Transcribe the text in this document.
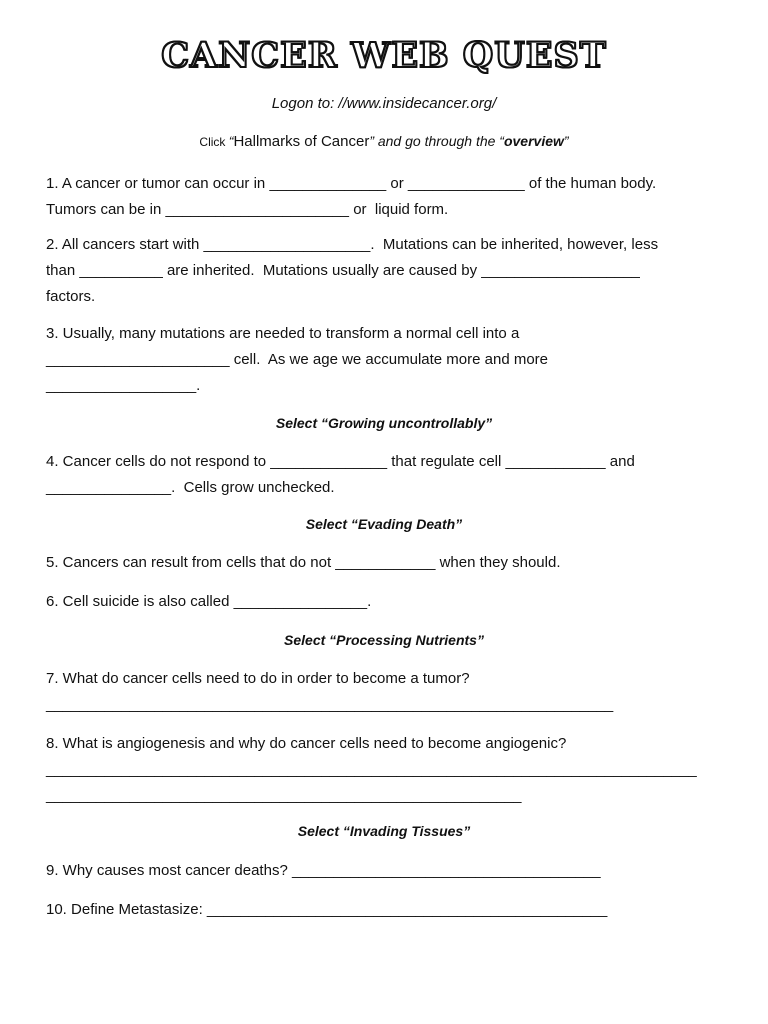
CANCER WEB QUEST
Logon to: //www.insidecancer.org/
Click “Hallmarks of Cancer” and go through the “overview”
1. A cancer or tumor can occur in ______________ or ______________ of the human body.
Tumors can be in ______________________ or  liquid form.
2. All cancers start with ____________________.  Mutations can be inherited, however, less
than __________ are inherited.  Mutations usually are caused by ___________________
factors.
3. Usually, many mutations are needed to transform a normal cell into a
______________________ cell.  As we age we accumulate more and more
__________________.
Select “Growing uncontrollably”
4. Cancer cells do not respond to ______________ that regulate cell ____________ and
_______________.  Cells grow unchecked.
Select “Evading Death”
5. Cancers can result from cells that do not ____________ when they should.
6. Cell suicide is also called ________________.
Select “Processing Nutrients”
7. What do cancer cells need to do in order to become a tumor?
____________________________________________________________________
8. What is angiogenesis and why do cancer cells need to become angiogenic?
______________________________________________________________________________
_________________________________________________________
Select “Invading Tissues”
9. Why causes most cancer deaths? _____________________________________
10. Define Metastasize: ________________________________________________
